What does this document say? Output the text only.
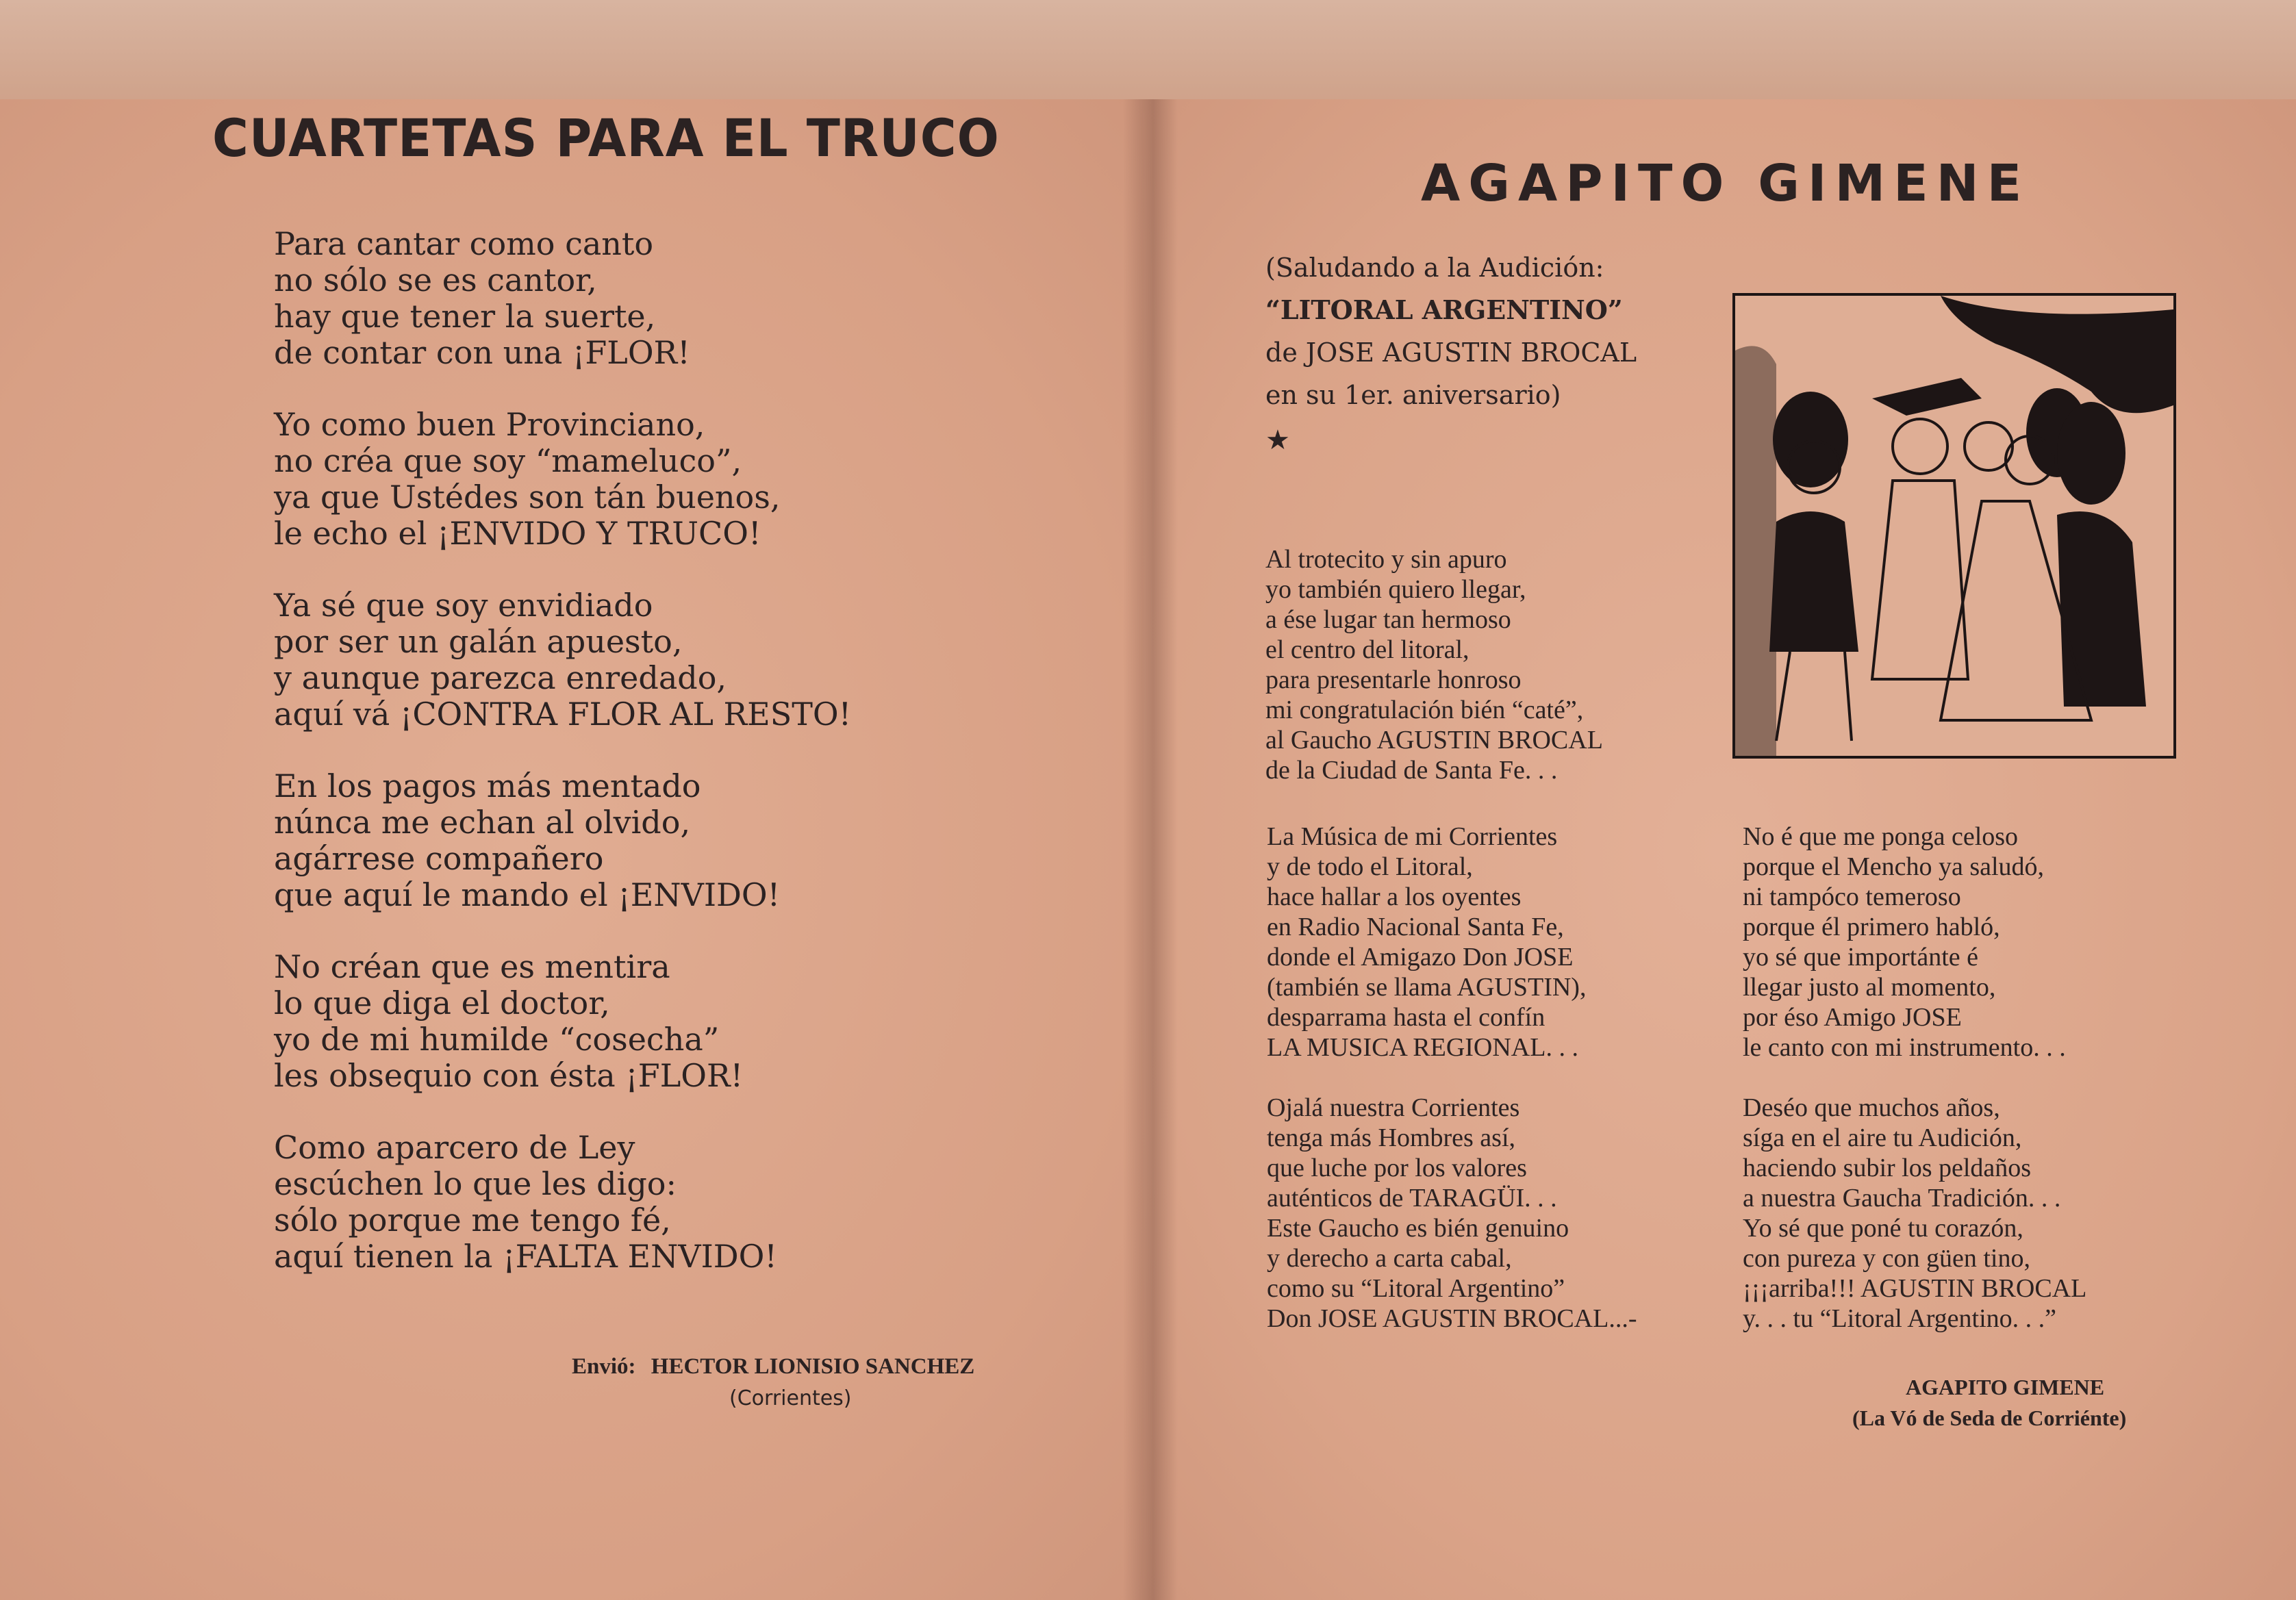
CUARTETAS PARA EL TRUCO
Para cantar como canto
no sólo se es cantor,
hay que tener la suerte,
de contar con una ¡FLOR!
Yo como buen Provinciano,
no créa que soy “mameluco”,
ya que Ustédes son tán buenos,
le echo el ¡ENVIDO Y TRUCO!
Ya sé que soy envidiado
por ser un galán apuesto,
y aunque parezca enredado,
aquí vá ¡CONTRA FLOR AL RESTO!
En los pagos más mentado
núnca me echan al olvido,
agárrese compañero
que aquí le mando el ¡ENVIDO!
No créan que es mentira
lo que diga el doctor,
yo de mi humilde “cosecha”
les obsequio con ésta ¡FLOR!
Como aparcero de Ley
escúchen lo que les digo:
sólo porque me tengo fé,
aquí tienen la ¡FALTA ENVIDO!
Envió: HECTOR LIONISIO SANCHEZ
(Corrientes)
AGAPITO GIMENE
(Saludando a la Audición:
“LITORAL ARGENTINO”
de JOSE AGUSTIN BROCAL
en su 1er. aniversario)
★
Al trotecito y sin apuro
yo también quiero llegar,
a ése lugar tan hermoso
el centro del litoral,
para presentarle honroso
mi congratulación bién “caté”,
al Gaucho AGUSTIN BROCAL
de la Ciudad de Santa Fe. . .
La Música de mi Corrientes
y de todo el Litoral,
hace hallar a los oyentes
en Radio Nacional Santa Fe,
donde el Amigazo Don JOSE
(también se llama AGUSTIN),
desparrama hasta el confín
LA MUSICA REGIONAL. . .
Ojalá nuestra Corrientes
tenga más Hombres así,
que luche por los valores
auténticos de TARAGÜI. . .
Este Gaucho es bién genuino
y derecho a carta cabal,
como su “Litoral Argentino”
Don JOSE AGUSTIN BROCAL...-
No é que me ponga celoso
porque el Mencho ya saludó,
ni tampóco temeroso
porque él primero habló,
yo sé que importánte é
llegar justo al momento,
por éso Amigo JOSE
le canto con mi instrumento. . .
Deséo que muchos años,
síga en el aire tu Audición,
haciendo subir los peldaños
a nuestra Gaucha Tradición. . .
Yo sé que poné tu corazón,
con pureza y con güen tino,
¡¡¡arriba!!! AGUSTIN BROCAL
y. . . tu “Litoral Argentino. . .”
AGAPITO GIMENE
(La Vó de Seda de Corriénte)
